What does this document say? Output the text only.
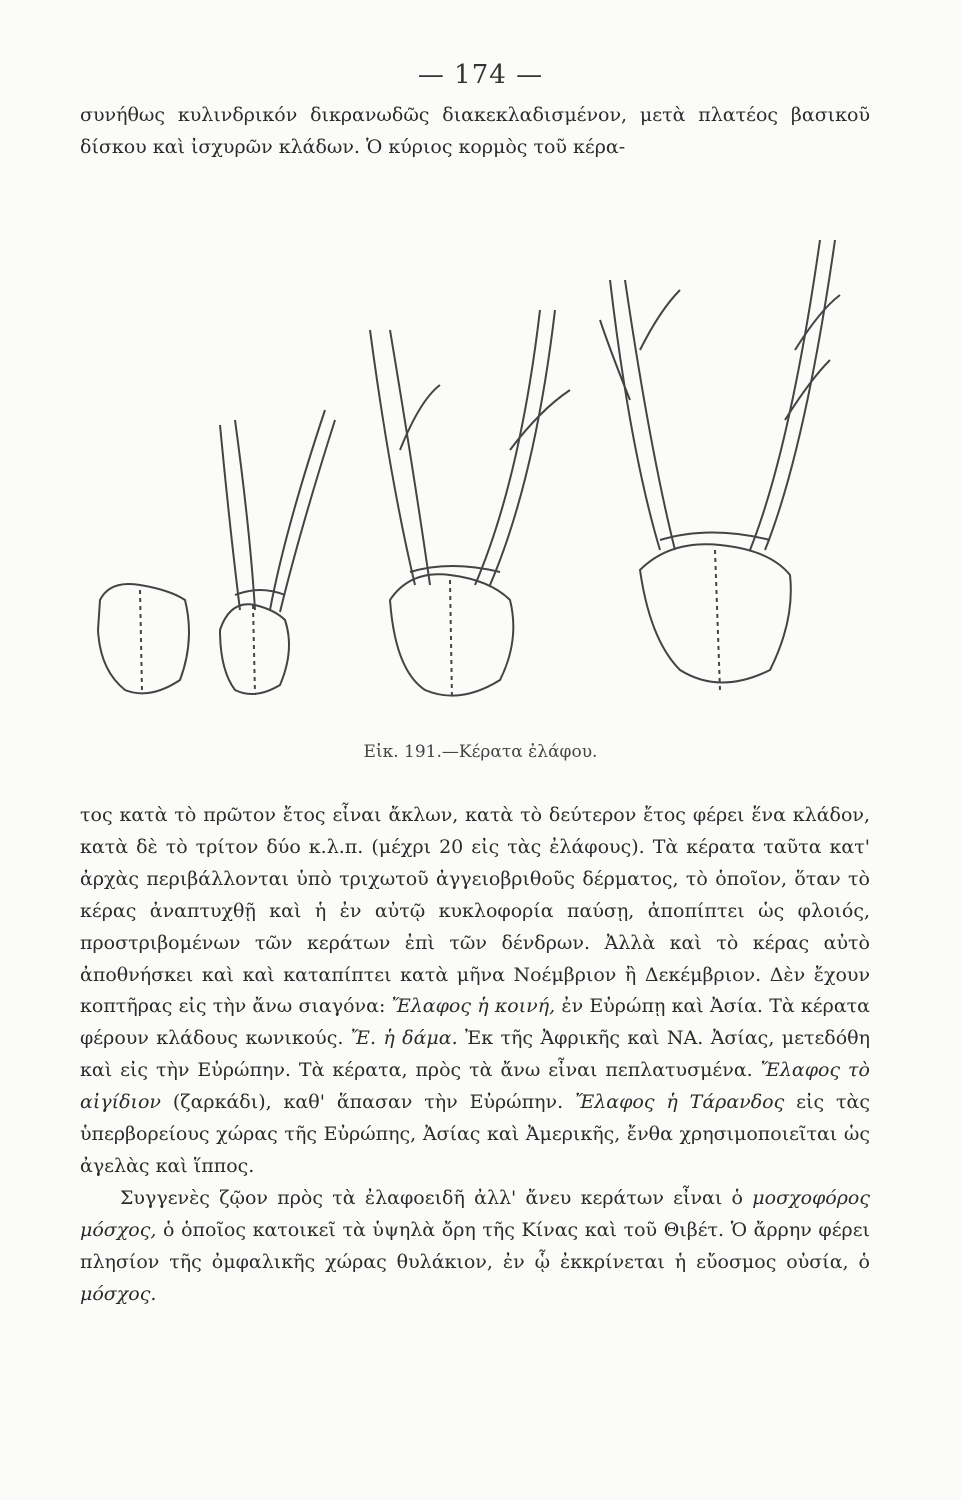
— 174 —

συνήθως κυλινδρικόν δικρανωδῶς διακεκλαδισμένον, μετὰ πλατέος βασικοῦ δίσκου καὶ ἰσχυρῶν κλάδων. Ὁ κύριος κορμὸς τοῦ κέρα-

Εἰκ. 191.—Κέρατα ἐλάφου.

τος κατὰ τὸ πρῶτον ἔτος εἶναι ἄκλων, κατὰ τὸ δεύτερον ἔτος φέρει ἕνα κλάδον, κατὰ δὲ τὸ τρίτον δύο κ.λ.π. (μέχρι 20 εἰς τὰς ἐλάφους). Τὰ κέρατα ταῦτα κατ' ἀρχὰς περιβάλλονται ὑπὸ τριχωτοῦ ἀγγειοβριθοῦς δέρματος, τὸ ὁποῖον, ὅταν τὸ κέρας ἀναπτυχθῇ καὶ ἡ ἐν αὐτῷ κυκλοφορία παύσῃ, ἀποπίπτει ὡς φλοιός, προστριβομένων τῶν κεράτων ἐπὶ τῶν δένδρων. Ἀλλὰ καὶ τὸ κέρας αὐτὸ ἀποθνήσκει καὶ καὶ καταπίπτει κατὰ μῆνα Νοέμβριον ἢ Δεκέμβριον. Δὲν ἔχουν κοπτῆρας εἰς τὴν ἄνω σιαγόνα: Ἔλαφος ἡ κοινή, ἐν Εὐρώπῃ καὶ Ἀσία. Τὰ κέρατα φέρουν κλάδους κωνικούς. Ἔ. ἡ δάμα. Ἐκ τῆς Ἀφρικῆς καὶ ΝΑ. Ἀσίας, μετεδόθη καὶ εἰς τὴν Εὐρώπην. Τὰ κέρατα, πρὸς τὰ ἄνω εἶναι πεπλατυσμένα. Ἔλαφος τὸ αἰγίδιον (ζαρκάδι), καθ' ἅπασαν τὴν Εὐρώπην. Ἔλαφος ἡ Τάρανδος εἰς τὰς ὑπερβορείους χώρας τῆς Εὐρώπης, Ἀσίας καὶ Ἀμερικῆς, ἔνθα χρησιμοποιεῖται ὡς ἀγελὰς καὶ ἵππος.

Συγγενὲς ζῷον πρὸς τὰ ἐλαφοειδῆ ἀλλ' ἄνευ κεράτων εἶναι ὁ μοσχοφόρος μόσχος, ὁ ὁποῖος κατοικεῖ τὰ ὑψηλὰ ὄρη τῆς Κίνας καὶ τοῦ Θιβέτ. Ὁ ἄρρην φέρει πλησίον τῆς ὀμφαλικῆς χώρας θυλάκιον, ἐν ᾧ ἐκκρίνεται ἡ εὔοσμος οὐσία, ὁ μόσχος.
